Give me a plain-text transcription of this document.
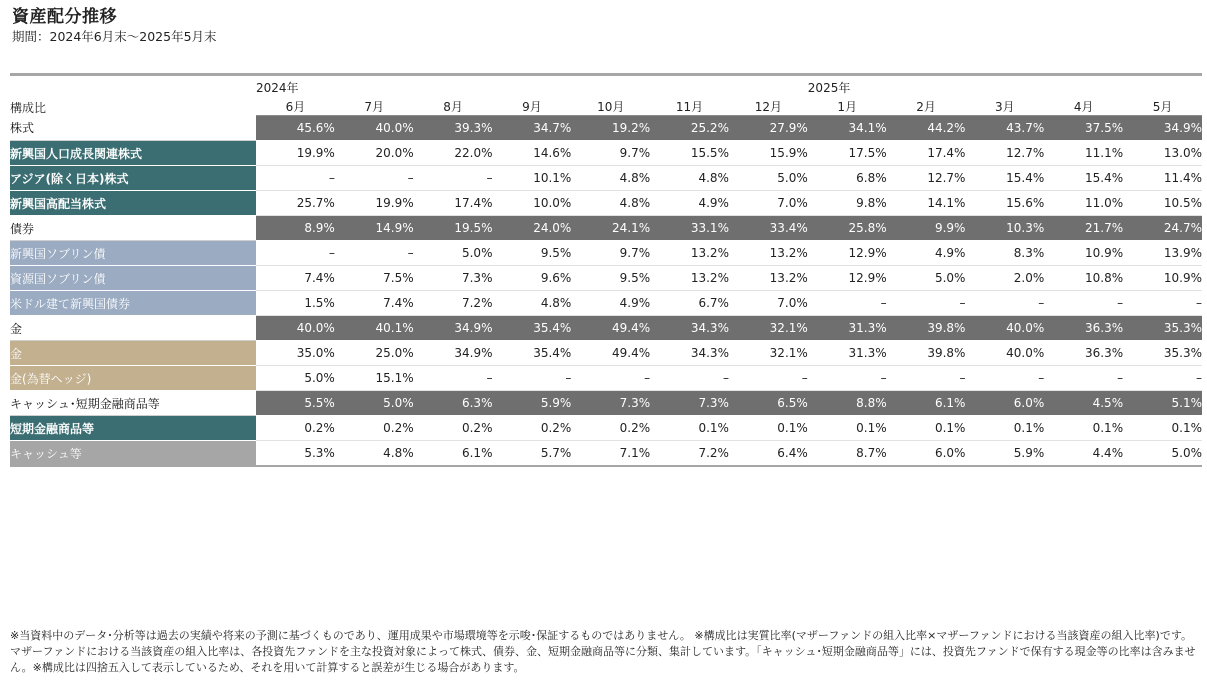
資産配分推移
期間：2024年6月末～2025年5月末
構成比	2024年							2025年				
	6月	7月	8月	9月	10月	11月	12月	1月	2月	3月	4月	5月
株式	45.6%	40.0%	39.3%	34.7%	19.2%	25.2%	27.9%	34.1%	44.2%	43.7%	37.5%	34.9%
新興国人口成長関連株式	19.9%	20.0%	22.0%	14.6%	9.7%	15.5%	15.9%	17.5%	17.4%	12.7%	11.1%	13.0%
アジア(除く日本)株式	–	–	–	10.1%	4.8%	4.8%	5.0%	6.8%	12.7%	15.4%	15.4%	11.4%
新興国高配当株式	25.7%	19.9%	17.4%	10.0%	4.8%	4.9%	7.0%	9.8%	14.1%	15.6%	11.0%	10.5%
債券	8.9%	14.9%	19.5%	24.0%	24.1%	33.1%	33.4%	25.8%	9.9%	10.3%	21.7%	24.7%
新興国ソブリン債	–	–	5.0%	9.5%	9.7%	13.2%	13.2%	12.9%	4.9%	8.3%	10.9%	13.9%
資源国ソブリン債	7.4%	7.5%	7.3%	9.6%	9.5%	13.2%	13.2%	12.9%	5.0%	2.0%	10.8%	10.9%
米ドル建て新興国債券	1.5%	7.4%	7.2%	4.8%	4.9%	6.7%	7.0%	–	–	–	–	–
金	40.0%	40.1%	34.9%	35.4%	49.4%	34.3%	32.1%	31.3%	39.8%	40.0%	36.3%	35.3%
金	35.0%	25.0%	34.9%	35.4%	49.4%	34.3%	32.1%	31.3%	39.8%	40.0%	36.3%	35.3%
金(為替ヘッジ)	5.0%	15.1%	–	–	–	–	–	–	–	–	–	–
キャッシュ･短期金融商品等	5.5%	5.0%	6.3%	5.9%	7.3%	7.3%	6.5%	8.8%	6.1%	6.0%	4.5%	5.1%
短期金融商品等	0.2%	0.2%	0.2%	0.2%	0.2%	0.1%	0.1%	0.1%	0.1%	0.1%	0.1%	0.1%
キャッシュ等	5.3%	4.8%	6.1%	5.7%	7.1%	7.2%	6.4%	8.7%	6.0%	5.9%	4.4%	5.0%
※当資料中のデータ･分析等は過去の実績や将来の予測に基づくものであり、運用成果や市場環境等を示唆･保証するものではありません。 ※構成比は実質比率(マザーファンドの組入比率×マザーファンドにおける当該資産の組入比率)です。マザーファンドにおける当該資産の組入比率は、各投資先ファンドを主な投資対象によって株式、債券、金、短期金融商品等に分類、集計しています。「キャッシュ･短期金融商品等」には、投資先ファンドで保有する現金等の比率は含みません。※構成比は四捨五入して表示しているため、それを用いて計算すると誤差が生じる場合があります。
